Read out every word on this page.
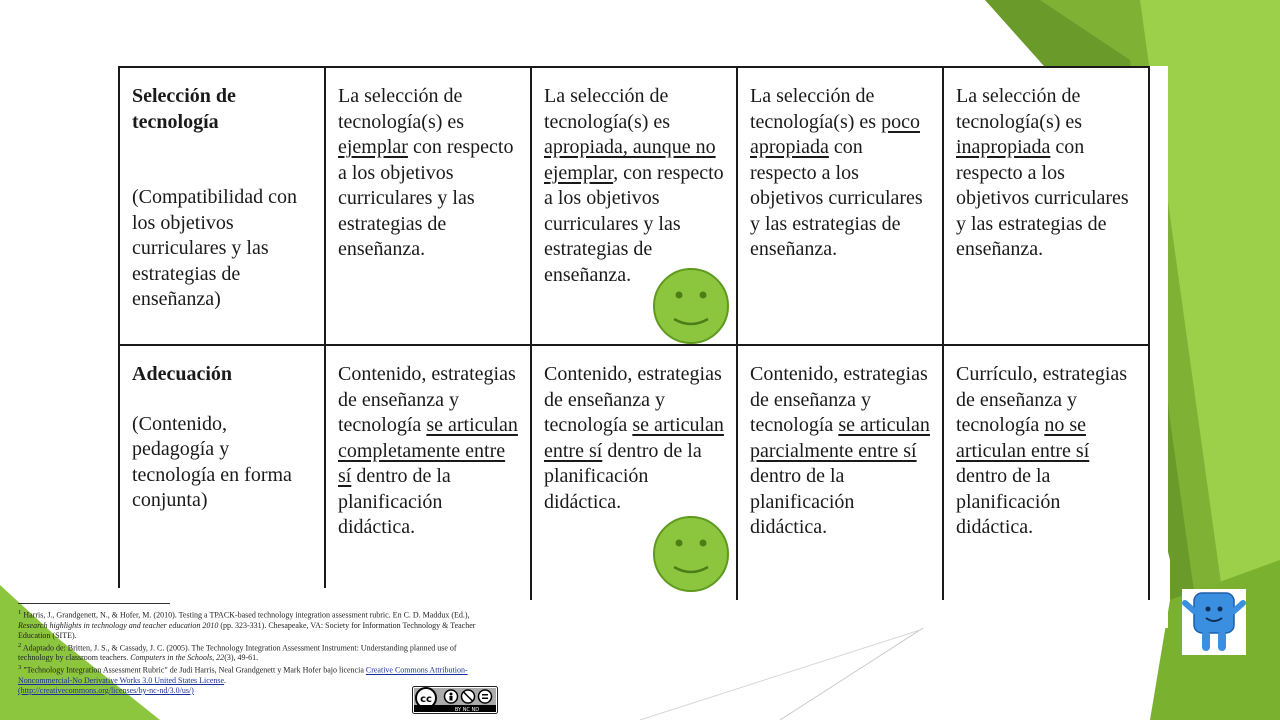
Selección de tecnología
(Compatibilidad con los objetivos curriculares y las estrategias de enseñanza)	La selección de tecnología(s) es ejemplar con respecto a los objetivos curriculares y las estrategias de enseñanza.	La selección de tecnología(s) es apropiada, aunque no ejemplar, con respecto a los objetivos curriculares y las estrategias de enseñanza.	La selección de tecnología(s) es poco apropiada con respecto a los objetivos curriculares y las estrategias de enseñanza.	La selección de tecnología(s) es inapropiada con respecto a los objetivos curriculares y las estrategias de enseñanza.

Adecuación
(Contenido, pedagogía y tecnología en forma conjunta)	Contenido, estrategias de enseñanza y tecnología se articulan completamente entre sí dentro de la planificación didáctica.	Contenido, estrategias de enseñanza y tecnología se articulan entre sí dentro de la planificación didáctica.	Contenido, estrategias de enseñanza y tecnología se articulan parcialmente entre sí dentro de la planificación didáctica.	Currículo, estrategias de enseñanza y tecnología no se articulan entre sí dentro de la planificación didáctica.

$^1$ Harris, J., Grandgenett, N., & Hofer, M. (2010). Testing a TPACK-based technology integration assessment rubric. En C. D. Maddux (Ed.), Research highlights in technology and teacher education 2010 (pp. 323-331). Chesapeake, VA: Society for Information Technology & Teacher Education (SITE).

$^2$ Adaptado de: Britten, J. S., & Cassady, J. C. (2005). The Technology Integration Assessment Instrument: Understanding planned use of technology by classroom teachers. Computers in the Schools, 22(3), 49-61.

$^3$ "Technology Integration Assessment Rubric" de Judi Harris, Neal Grandgenett y Mark Hofer bajo licencia Creative Commons Attribution-Noncommercial-No Derivative Works 3.0 United States License.
(http://creativecommons.org/licenses/by-nc-nd/3.0/us/)

cc
BY NC ND
